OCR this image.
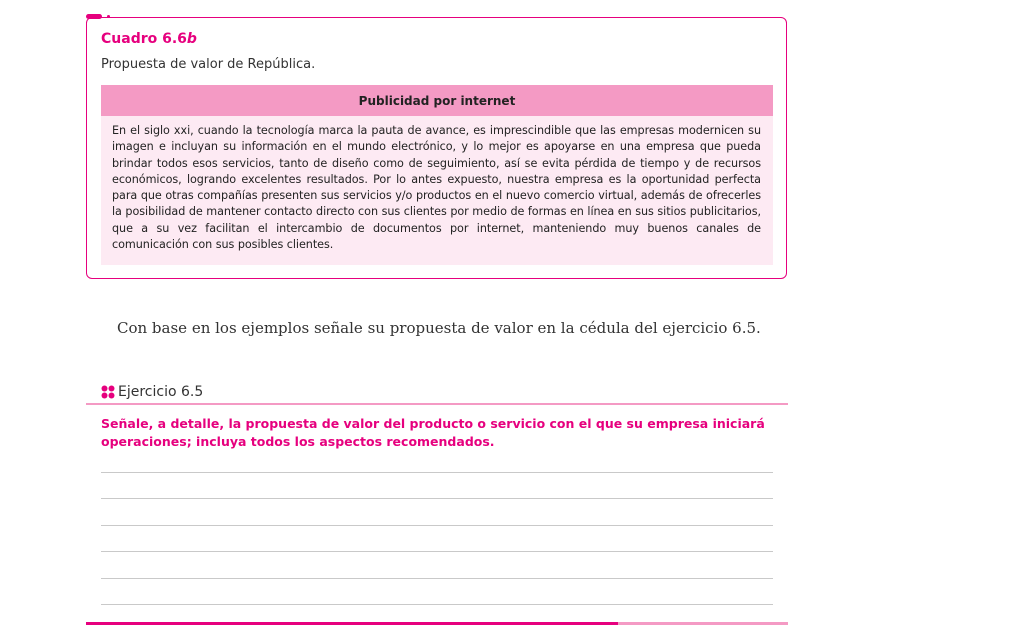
Cuadro 6.6b
Propuesta de valor de República.
Publicidad por internet

En el siglo xxi, cuando la tecnología marca la pauta de avance, es imprescindible que las empresas modernicen su imagen e incluyan su información en el mundo electrónico, y lo mejor es apoyarse en una empresa que pueda brindar todos esos servicios, tanto de diseño como de seguimiento, así se evita pérdida de tiempo y de recursos económicos, logrando excelentes resultados. Por lo antes expuesto, nuestra empresa es la oportunidad perfecta para que otras compañías presenten sus servicios y/o productos en el nuevo comercio virtual, además de ofrecerles la posibilidad de mantener contacto directo con sus clientes por medio de formas en línea en sus sitios publicitarios, que a su vez facilitan el intercambio de documentos por internet, manteniendo muy buenos canales de comunicación con sus posibles clientes.

Con base en los ejemplos señale su propuesta de valor en la cédula del ejercicio 6.5.
Ejercicio 6.5
Señale, a detalle, la propuesta de valor del producto o servicio con el que su empresa iniciará operaciones; incluya todos los aspectos recomendados.
